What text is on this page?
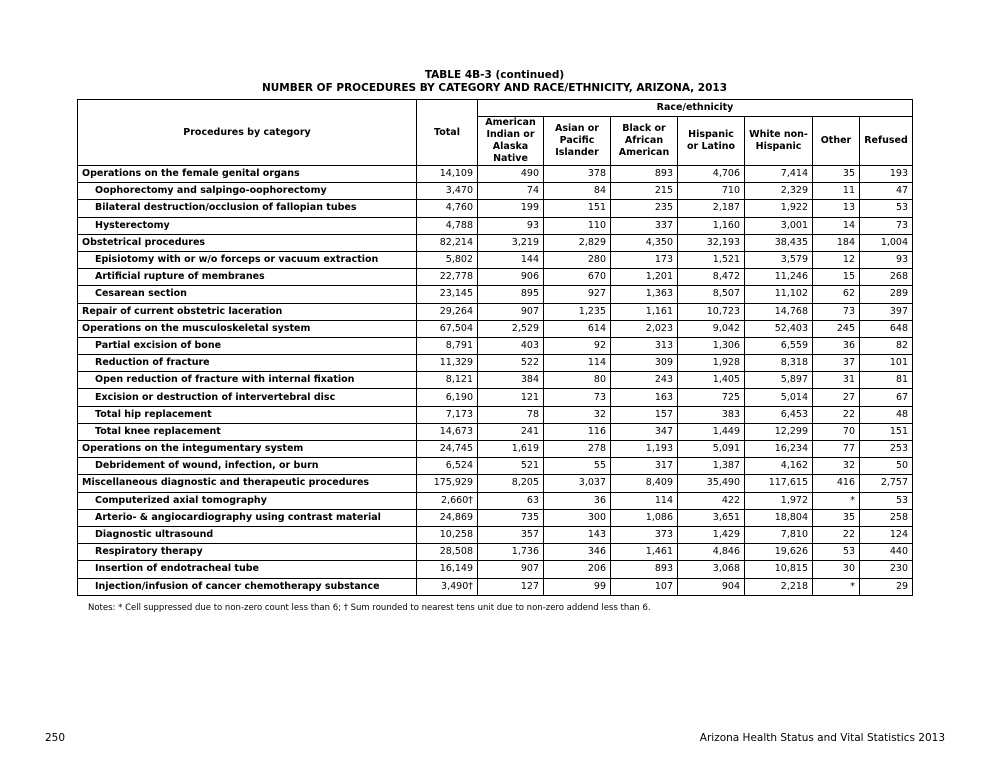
TABLE 4B-3 (continued)
NUMBER OF PROCEDURES BY CATEGORY AND RACE/ETHNICITY, ARIZONA, 2013
Procedures by category	Total	Race/ethnicity						
		American Indian or Alaska Native	Asian or Pacific Islander	Black or African American	Hispanic or Latino	White non-Hispanic	Other	Refused
Operations on the female genital organs	14,109	490	378	893	4,706	7,414	35	193
Oophorectomy and salpingo-oophorectomy	3,470	74	84	215	710	2,329	11	47
Bilateral destruction/occlusion of fallopian tubes	4,760	199	151	235	2,187	1,922	13	53
Hysterectomy	4,788	93	110	337	1,160	3,001	14	73
Obstetrical procedures	82,214	3,219	2,829	4,350	32,193	38,435	184	1,004
Episiotomy with or w/o forceps or vacuum extraction	5,802	144	280	173	1,521	3,579	12	93
Artificial rupture of membranes	22,778	906	670	1,201	8,472	11,246	15	268
Cesarean section	23,145	895	927	1,363	8,507	11,102	62	289
Repair of current obstetric laceration	29,264	907	1,235	1,161	10,723	14,768	73	397
Operations on the musculoskeletal system	67,504	2,529	614	2,023	9,042	52,403	245	648
Partial excision of bone	8,791	403	92	313	1,306	6,559	36	82
Reduction of fracture	11,329	522	114	309	1,928	8,318	37	101
Open reduction of fracture with internal fixation	8,121	384	80	243	1,405	5,897	31	81
Excision or destruction of intervertebral disc	6,190	121	73	163	725	5,014	27	67
Total hip replacement	7,173	78	32	157	383	6,453	22	48
Total knee replacement	14,673	241	116	347	1,449	12,299	70	151
Operations on the integumentary system	24,745	1,619	278	1,193	5,091	16,234	77	253
Debridement of wound, infection, or burn	6,524	521	55	317	1,387	4,162	32	50
Miscellaneous diagnostic and therapeutic procedures	175,929	8,205	3,037	8,409	35,490	117,615	416	2,757
Computerized axial tomography	2,660†	63	36	114	422	1,972	*	53
Arterio- & angiocardiography using contrast material	24,869	735	300	1,086	3,651	18,804	35	258
Diagnostic ultrasound	10,258	357	143	373	1,429	7,810	22	124
Respiratory therapy	28,508	1,736	346	1,461	4,846	19,626	53	440
Insertion of endotracheal tube	16,149	907	206	893	3,068	10,815	30	230
Injection/infusion of cancer chemotherapy substance	3,490†	127	99	107	904	2,218	*	29
Notes: * Cell suppressed due to non-zero count less than 6; † Sum rounded to nearest tens unit due to non-zero addend less than 6.
250	Arizona Health Status and Vital Statistics 2013
